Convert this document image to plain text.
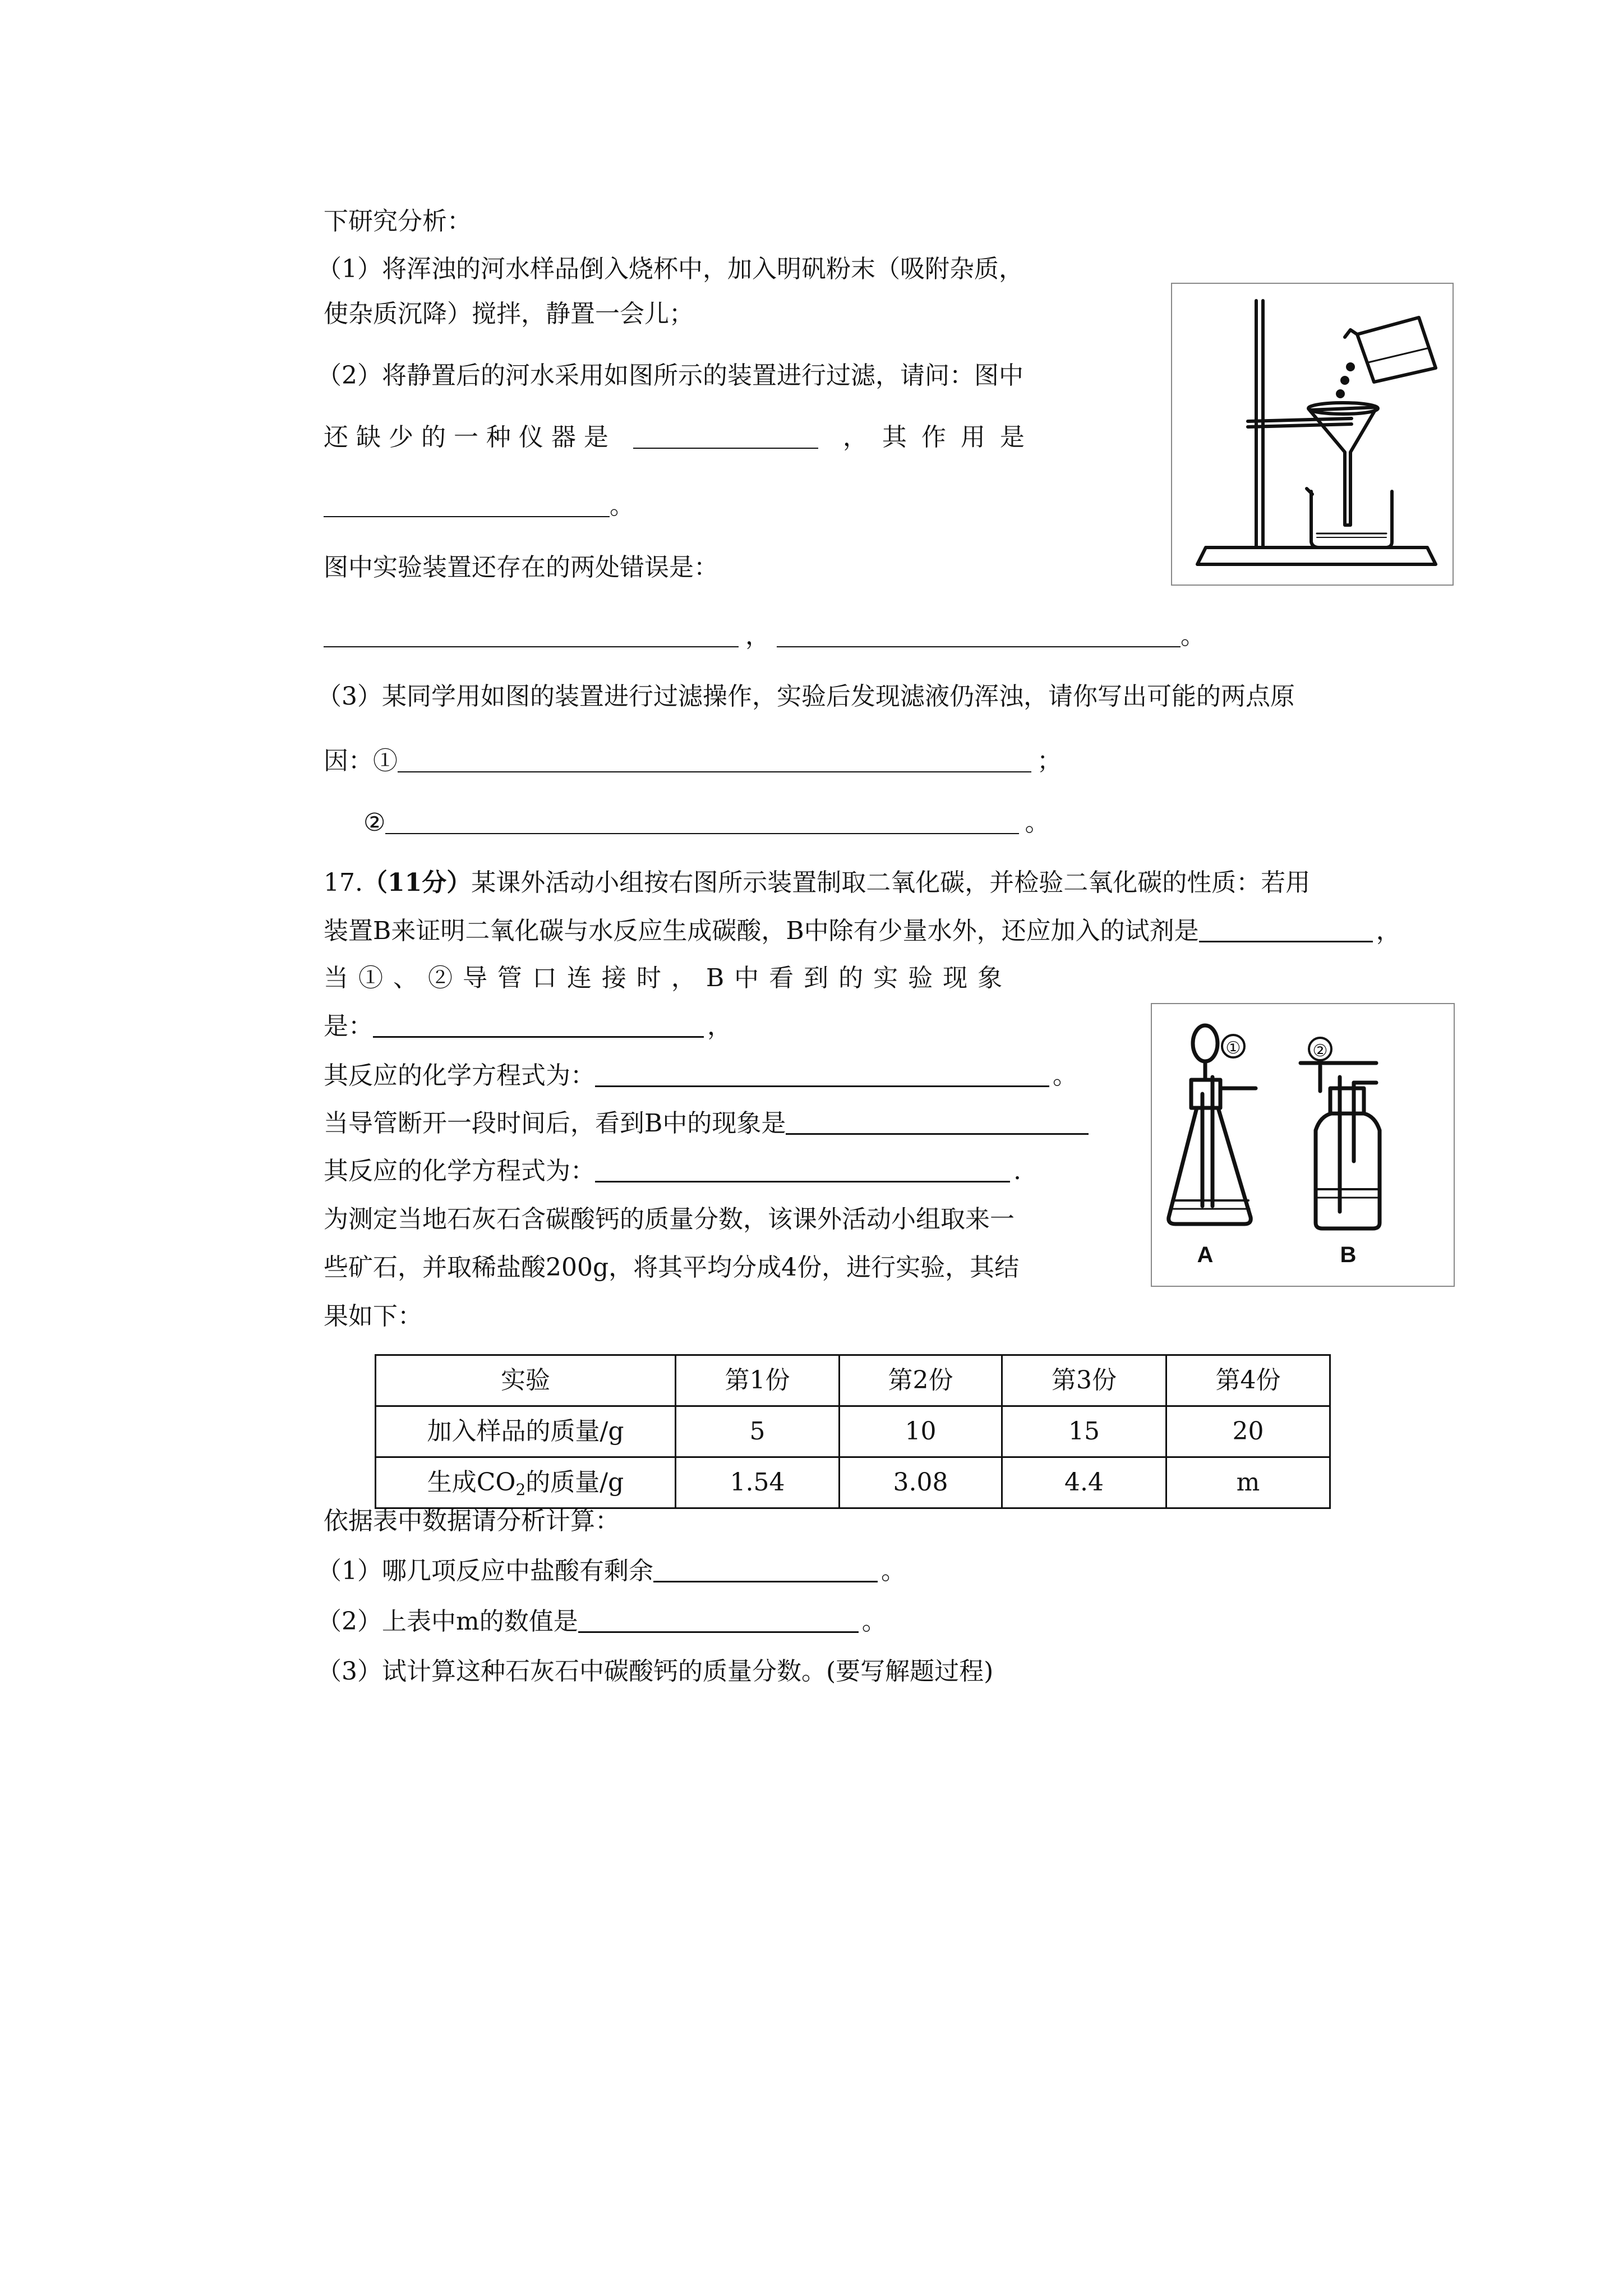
下研究分析：
（1）将浑浊的河水样品倒入烧杯中，加入明矾粉末（吸附杂质，
使杂质沉降）搅拌，静置一会儿；
（2）将静置后的河水采用如图所示的装置进行过滤，请问：图中
还 缺 少 的 一 种 仪 器 是	， 其 作 用 是
。
图中实验装置还存在的两处错误是：
，	。
（3）某同学用如图的装置进行过滤操作，实验后发现滤液仍浑浊，请你写出可能的两点原
因：①	；
②	。
17.（11分）某课外活动小组按右图所示装置制取二氧化碳，并检验二氧化碳的性质：若用
装置B来证明二氧化碳与水反应生成碳酸，B中除有少量水外，还应加入的试剂是	，
当 ① 、 ② 导 管 口 连 接 时 ， B 中 看 到 的 实 验 现 象
是：	，
其反应的化学方程式为：	。
当导管断开一段时间后，看到B中的现象是
其反应的化学方程式为：	.
为测定当地石灰石含碳酸钙的质量分数，该课外活动小组取来一
些矿石，并取稀盐酸200g，将其平均分成4份，进行实验，其结
果如下：
A	B
①	②
实验	第1份	第2份	第3份	第4份
加入样品的质量/g	5	10	15	20
生成$CO_2$的质量/g	1.54	3.08	4.4	m
依据表中数据请分析计算：
（1）哪几项反应中盐酸有剩余	。
（2）上表中m的数值是	。
（3）试计算这种石灰石中碳酸钙的质量分数。(要写解题过程)
